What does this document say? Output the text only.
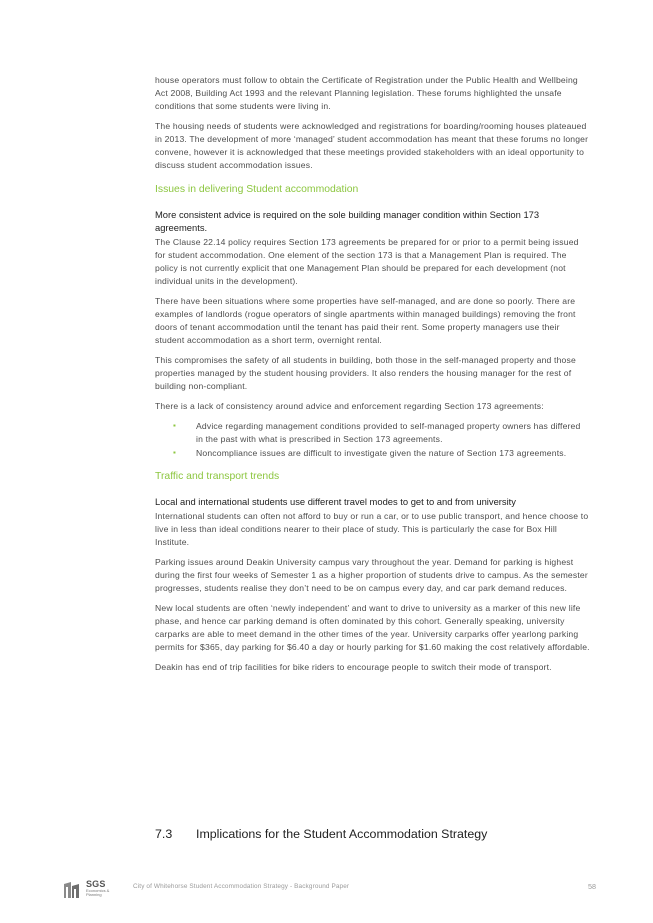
house operators must follow to obtain the Certificate of Registration under the Public Health and Wellbeing Act 2008, Building Act 1993 and the relevant Planning legislation. These forums highlighted the unsafe conditions that some students were living in.

The housing needs of students were acknowledged and registrations for boarding/rooming houses plateaued in 2013. The development of more ‘managed’ student accommodation has meant that these forums no longer convene, however it is acknowledged that these meetings provided stakeholders with an ideal opportunity to discuss student accommodation issues.

Issues in delivering Student accommodation
More consistent advice is required on the sole building manager condition within Section 173 agreements.

The Clause 22.14 policy requires Section 173 agreements be prepared for or prior to a permit being issued for student accommodation. One element of the section 173 is that a Management Plan is required. The policy is not currently explicit that one Management Plan should be prepared for each development (not individual units in the development).

There have been situations where some properties have self-managed, and are done so poorly. There are examples of landlords (rogue operators of single apartments within managed buildings) removing the front doors of tenant accommodation until the tenant has paid their rent. Some property managers use their student accommodation as a short term, overnight rental.

This compromises the safety of all students in building, both those in the self-managed property and those properties managed by the student housing providers. It also renders the housing manager for the rest of building non-compliant.

There is a lack of consistency around advice and enforcement regarding Section 173 agreements:

▪ Advice regarding management conditions provided to self-managed property owners has differed in the past with what is prescribed in Section 173 agreements.
▪ Noncompliance issues are difficult to investigate given the nature of Section 173 agreements.
Traffic and transport trends
Local and international students use different travel modes to get to and from university

International students can often not afford to buy or run a car, or to use public transport, and hence choose to live in less than ideal conditions nearer to their place of study. This is particularly the case for Box Hill Institute.

Parking issues around Deakin University campus vary throughout the year. Demand for parking is highest during the first four weeks of Semester 1 as a higher proportion of students drive to campus. As the semester progresses, students realise they don’t need to be on campus every day, and car park demand reduces.

New local students are often ‘newly independent’ and want to drive to university as a marker of this new life phase, and hence car parking demand is often dominated by this cohort. Generally speaking, university carparks are able to meet demand in the other times of the year. University carparks offer yearlong parking permits for $365, day parking for $6.40 a day or hourly parking for $1.60 making the cost relatively affordable.

Deakin has end of trip facilities for bike riders to encourage people to switch their mode of transport.

7.3 Implications for the Student Accommodation Strategy
SGS
Economics & Planning
City of Whitehorse Student Accommodation Strategy - Background Paper	58
